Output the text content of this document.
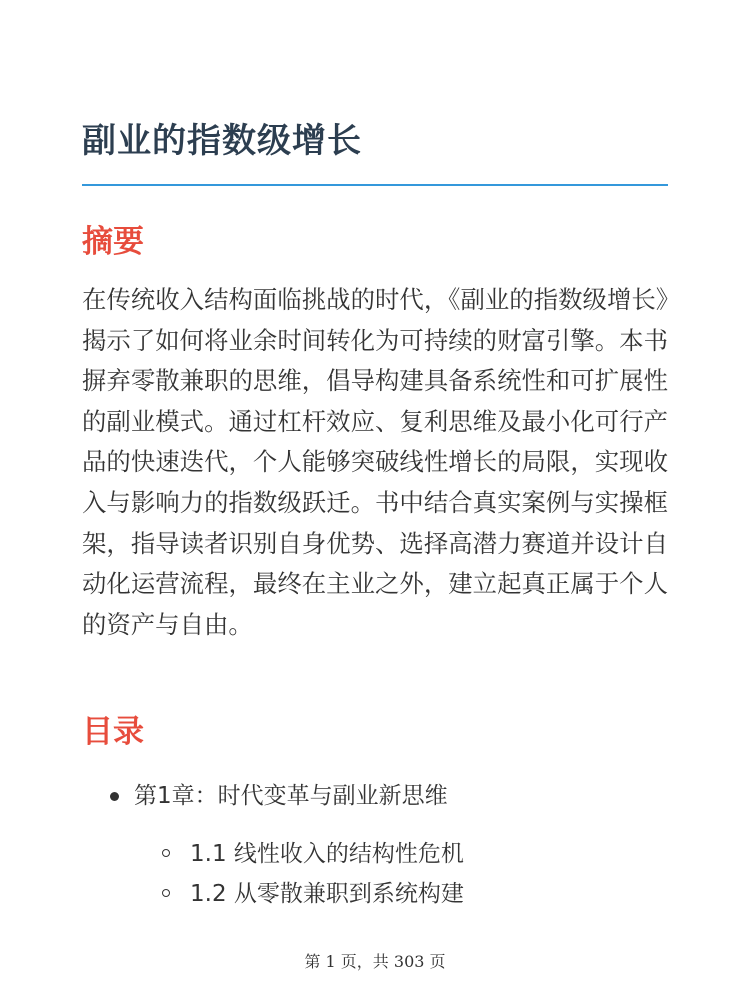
副业的指数级增长
摘要

在传统收入结构面临挑战的时代，《副业的指数级增长》揭示了如何将业余时间转化为可持续的财富引擎。本书摒弃零散兼职的思维，倡导构建具备系统性和可扩展性的副业模式。通过杠杆效应、复利思维及最小化可行产品的快速迭代，个人能够突破线性增长的局限，实现收入与影响力的指数级跃迁。书中结合真实案例与实操框架，指导读者识别自身优势、选择高潜力赛道并设计自动化运营流程，最终在主业之外，建立起真正属于个人的资产与自由。

目录
第1章：时代变革与副业新思维
1.1 线性收入的结构性危机
1.2 从零散兼职到系统构建
第 1 页，共 303 页
